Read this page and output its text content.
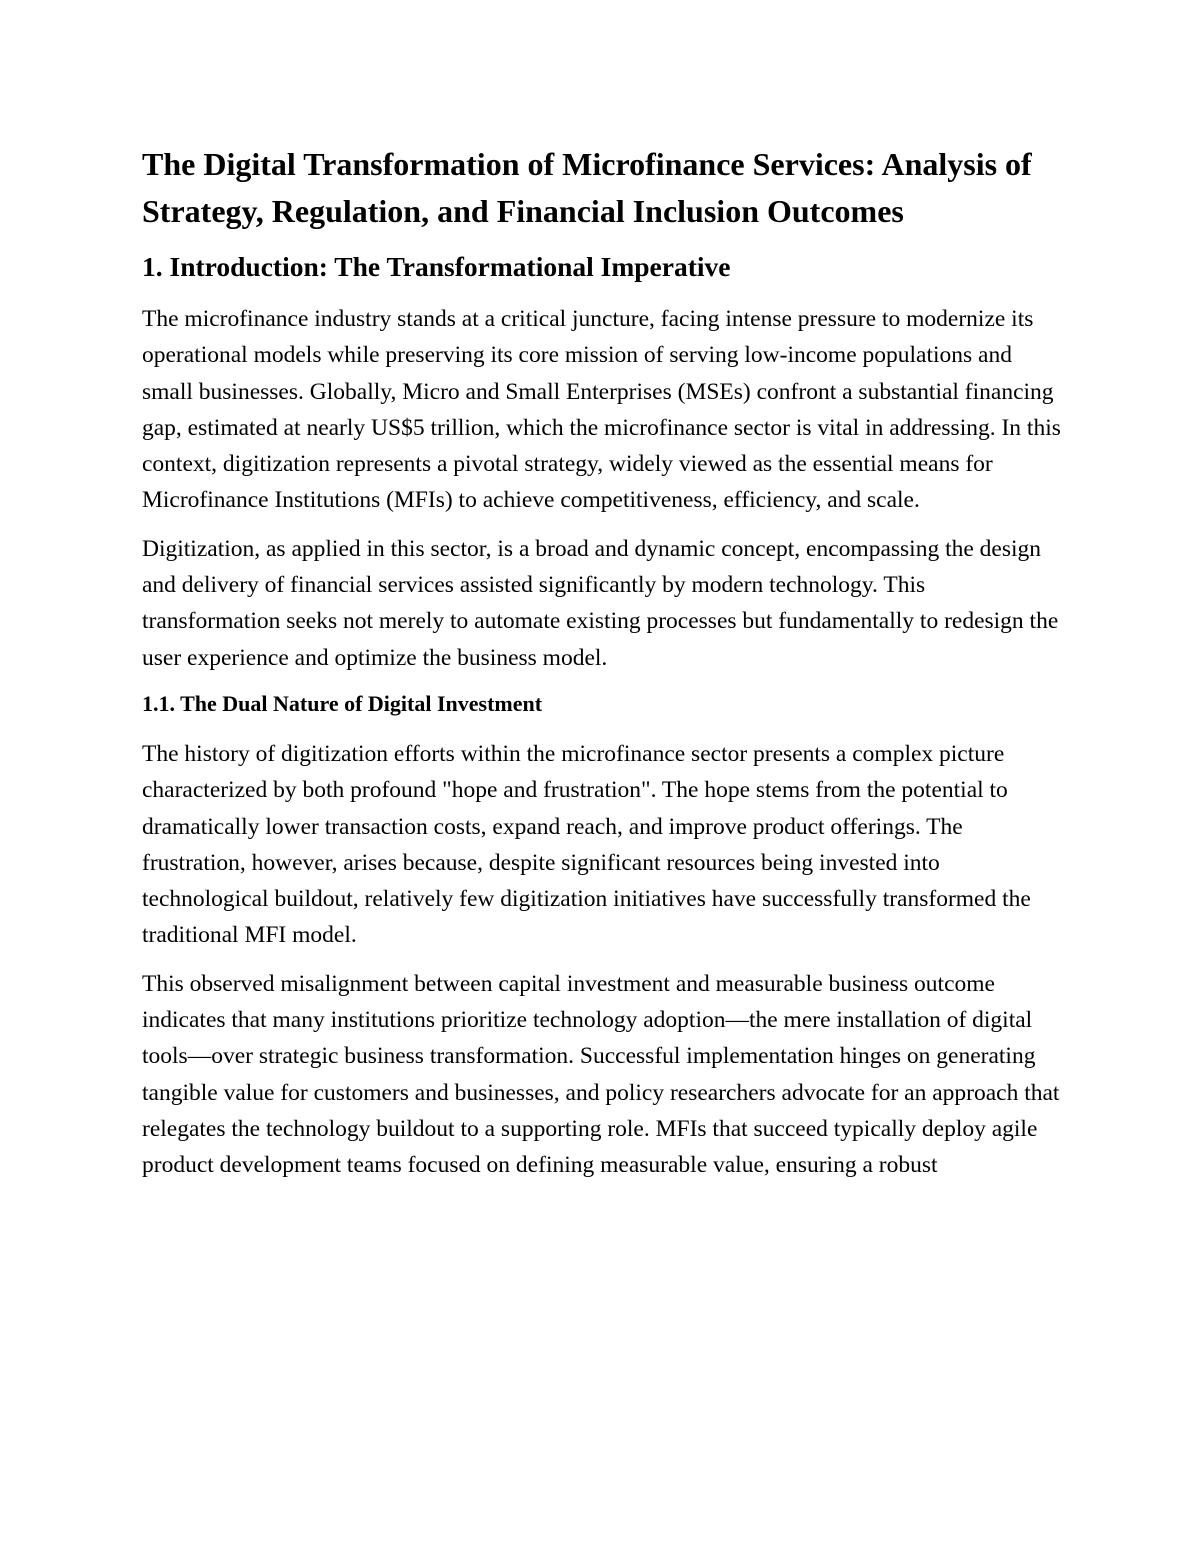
The Digital Transformation of Microfinance Services: Analysis of Strategy, Regulation, and Financial Inclusion Outcomes
1. Introduction: The Transformational Imperative

The microfinance industry stands at a critical juncture, facing intense pressure to modernize its operational models while preserving its core mission of serving low-income populations and small businesses. Globally, Micro and Small Enterprises (MSEs) confront a substantial financing gap, estimated at nearly US$5 trillion, which the microfinance sector is vital in addressing. In this context, digitization represents a pivotal strategy, widely viewed as the essential means for Microfinance Institutions (MFIs) to achieve competitiveness, efficiency, and scale.

Digitization, as applied in this sector, is a broad and dynamic concept, encompassing the design and delivery of financial services assisted significantly by modern technology. This transformation seeks not merely to automate existing processes but fundamentally to redesign the user experience and optimize the business model.

1.1. The Dual Nature of Digital Investment

The history of digitization efforts within the microfinance sector presents a complex picture characterized by both profound "hope and frustration". The hope stems from the potential to dramatically lower transaction costs, expand reach, and improve product offerings. The frustration, however, arises because, despite significant resources being invested into technological buildout, relatively few digitization initiatives have successfully transformed the traditional MFI model.

This observed misalignment between capital investment and measurable business outcome indicates that many institutions prioritize technology adoption—the mere installation of digital tools—over strategic business transformation. Successful implementation hinges on generating tangible value for customers and businesses, and policy researchers advocate for an approach that relegates the technology buildout to a supporting role. MFIs that succeed typically deploy agile product development teams focused on defining measurable value, ensuring a robust
